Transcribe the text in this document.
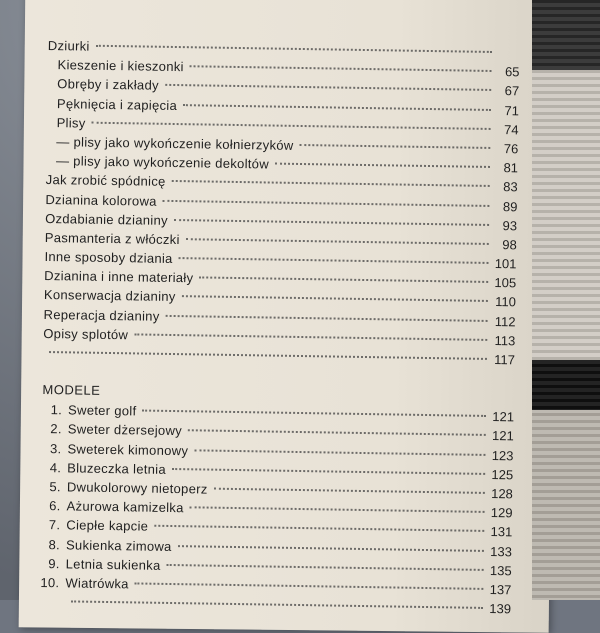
Dziurki
Kieszenie i kieszonki	65
Obręby i zakłady	67
Pęknięcia i zapięcia	71
Plisy	74
— plisy jako wykończenie kołnierzyków	76
— plisy jako wykończenie dekoltów	81
Jak zrobić spódnicę	83
Dzianina kolorowa	89
Ozdabianie dzianiny	93
Pasmanteria z włóczki	98
Inne sposoby dziania	101
Dzianina i inne materiały	105
Konserwacja dzianiny	110
Reperacja dzianiny	112
Opisy splotów	113
117
MODELE
1. Sweter golf	121
2. Sweter dżersejowy	121
3. Sweterek kimonowy	123
4. Bluzeczka letnia	125
5. Dwukolorowy nietoperz	128
6. Ażurowa kamizelka	129
7. Ciepłe kapcie	131
8. Sukienka zimowa	133
9. Letnia sukienka	135
10. Wiatrówka	137
139
